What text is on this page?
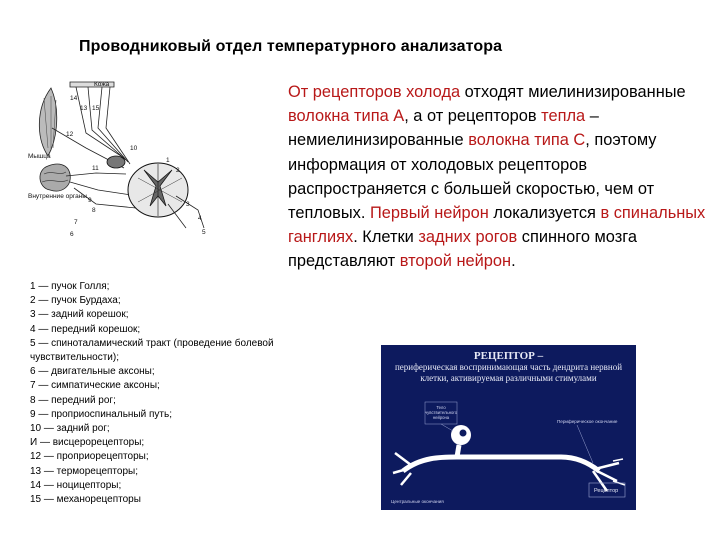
Проводниковый отдел температурного анализатора
От рецепторов холода отходят миелинизированные волокна типа А, а от рецепторов тепла – немиелинизированные волокна типа С, поэтому информация от холодовых рецепторов распространяется с большей скоростью, чем от тепловых. Первый нейрон локализуется в спинальных ганглиях. Клетки задних рогов спинного мозга представляют второй нейрон.
Кожа
Мышца
Внутренние органы
14
13 15
12
11
10
9
8
7
6	5
4
3
2
1
1 — пучок Голля;
2 — пучок Бурдаха;
3 — задний корешок;
4 — передний корешок;
5 — спиноталамический тракт (проведение болевой чувствительности);
6 — двигательные аксоны;
7 — симпатические аксоны;
8 — передний рог;
9 — проприоспинальный путь;
10 — задний рог;
И — висцерорецепторы;
12 — проприорецепторы;
13 — терморецепторы;
14 — ноцицепторы;
15 — механорецепторы
РЕЦЕПТОР –
периферическая воспринимающая часть дендрита нервной клетки, активируемая различными стимулами
Тело чувствительного нейрона
Периферическое окончание
Центральные окончания
Рецептор
